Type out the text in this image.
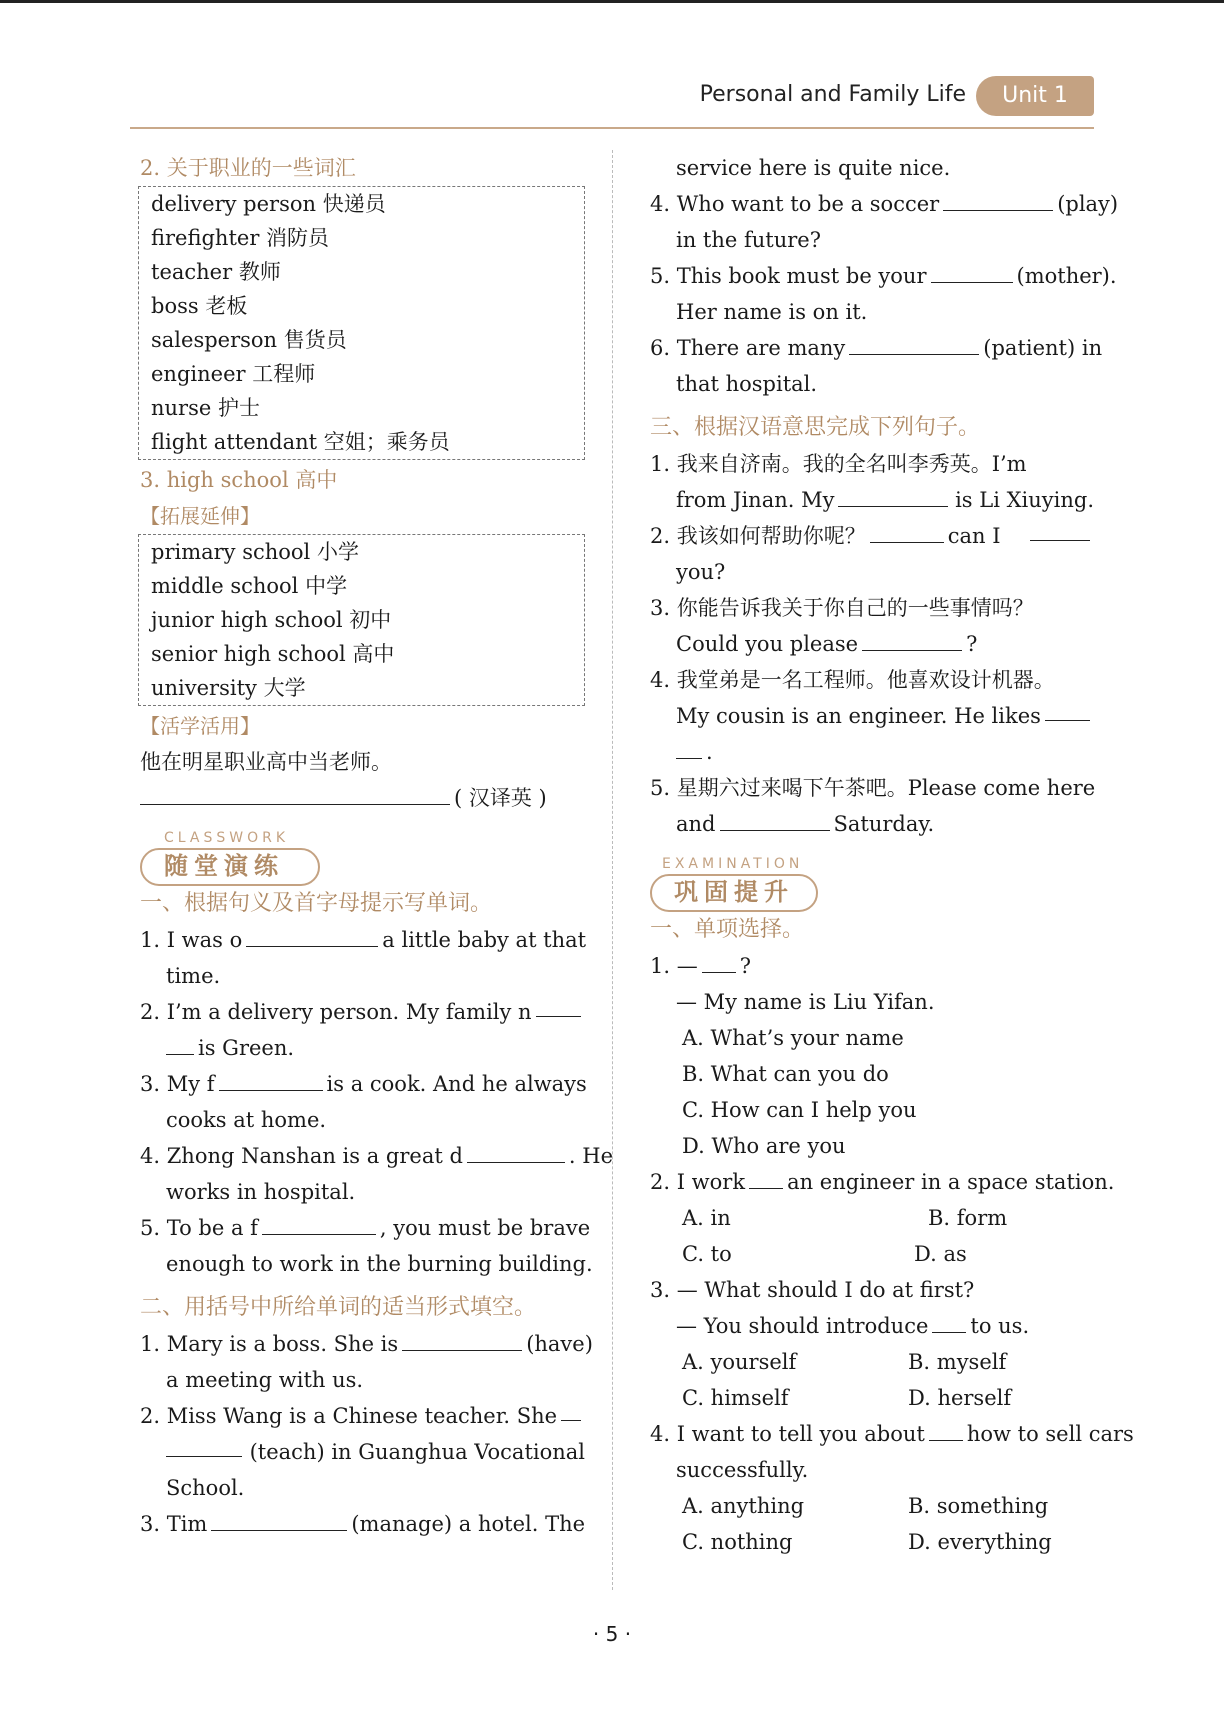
Personal and Family Life	Unit 1
2. 关于职业的一些词汇
delivery person 快递员
firefighter 消防员
teacher 教师
boss 老板
salesperson 售货员
engineer 工程师
nurse 护士
flight attendant 空姐；乘务员
3. high school 高中
【拓展延伸】
primary school 小学
middle school 中学
junior high school 初中
senior high school 高中
university 大学
【活学活用】
他在明星职业高中当老师。
( 汉译英 )
CLASSWORK
随堂演练
一、根据句义及首字母提示写单词。
1. I was o	a little baby at that
time.
2. I’m a delivery person. My family n
is Green.
3. My f	is a cook. And he always
cooks at home.
4. Zhong Nanshan is a great d	. He
works in hospital.
5. To be a f	, you must be brave
enough to work in the burning building.
二、用括号中所给单词的适当形式填空。
1. Mary is a boss. She is	(have)
a meeting with us.
2. Miss Wang is a Chinese teacher. She
(teach) in Guanghua Vocational
School.
3. Tim	(manage) a hotel. The
service here is quite nice.
4. Who want to be a soccer	(play)
in the future?
5. This book must be your	(mother).
Her name is on it.
6. There are many	(patient) in
that hospital.
三、根据汉语意思完成下列句子。
1. 我来自济南。我的全名叫李秀英。I’m
from Jinan. My	is Li Xiuying.
2. 我该如何帮助你呢？	can I
you?
3. 你能告诉我关于你自己的一些事情吗？
Could you please	?
4. 我堂弟是一名工程师。他喜欢设计机器。
My cousin is an engineer. He likes
.
5. 星期六过来喝下午茶吧。Please come here
and	Saturday.
EXAMINATION
巩固提升
一、单项选择。
1. — ?
— My name is Liu Yifan.
A. What’s your name
B. What can you do
C. How can I help you
D. Who are you
2. I work an engineer in a space station.
A. in	B. form
C. to	D. as
3. — What should I do at first?
— You should introduce to us.
A. yourself	B. myself
C. himself	D. herself
4. I want to tell you about	how to sell cars
successfully.
A. anything	B. something
C. nothing	D. everything
· 5 ·
